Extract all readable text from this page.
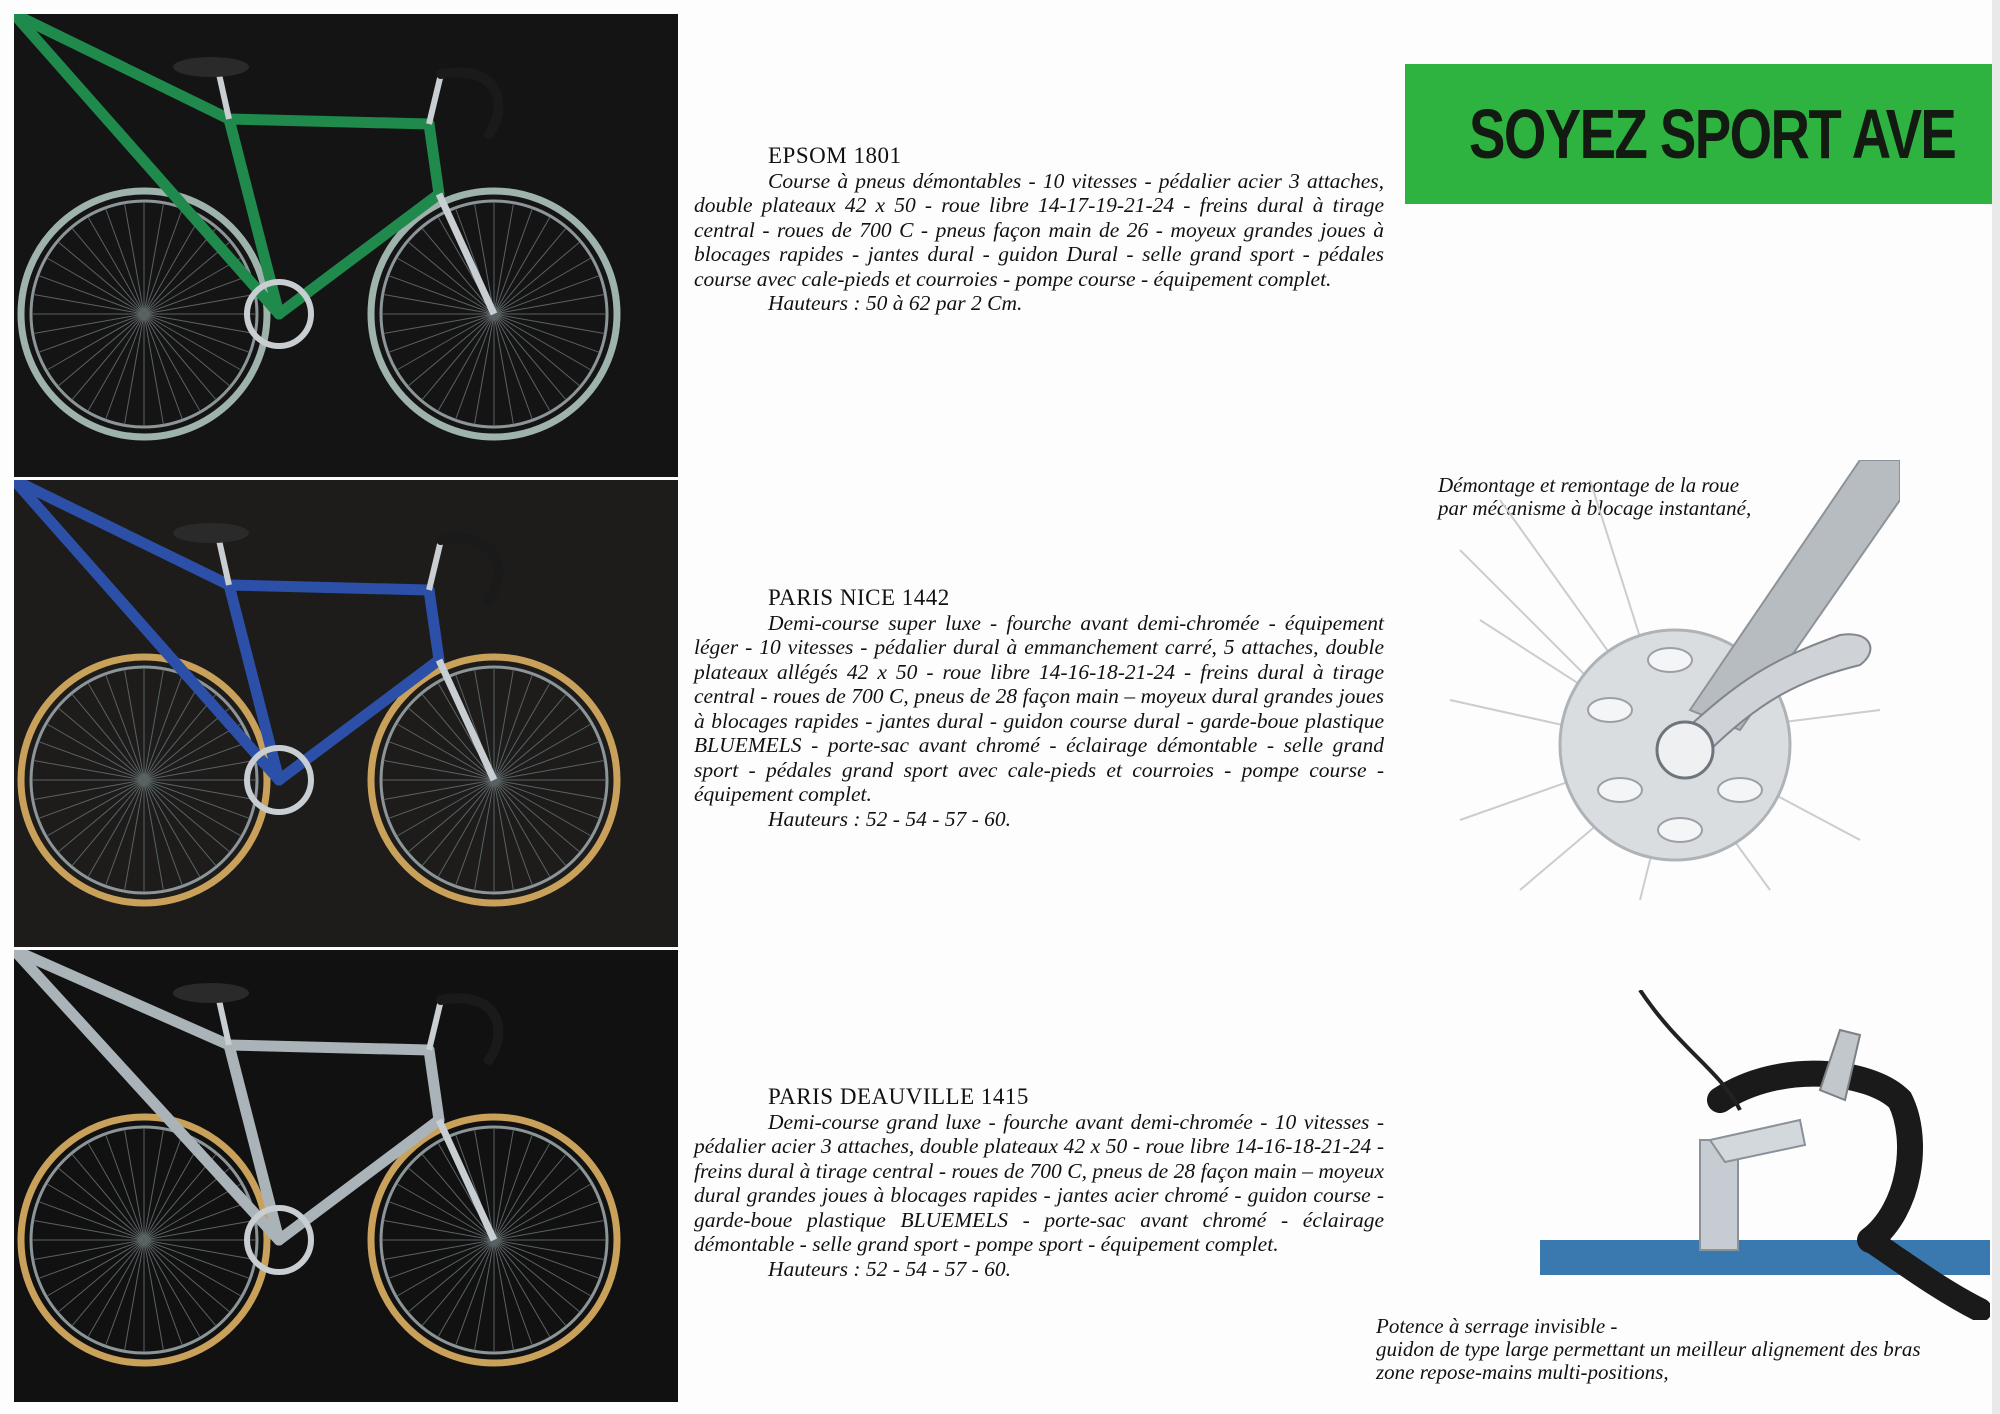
EPSOM 1801

Course à pneus démontables - 10 vitesses - pédalier acier 3 attaches, double plateaux 42 x 50 - roue libre 14-17-19-21-24 - freins dural à tirage central - roues de 700 C - pneus façon main de 26 - moyeux grandes joues à blocages rapides - jantes dural - guidon Dural - selle grand sport - pédales course avec cale-pieds et courroies - pompe course - équipement complet.

Hauteurs : 50 à 62 par 2 Cm.
PARIS NICE 1442

Demi-course super luxe - fourche avant demi-chromée - équipement léger - 10 vitesses - pédalier dural à emmanchement carré, 5 attaches, double plateaux allégés 42 x 50 - roue libre 14-16-18-21-24 - freins dural à tirage central - roues de 700 C, pneus de 28 façon main – moyeux dural grandes joues à blocages rapides - jantes dural - guidon course dural - garde-boue plastique BLUEMELS - porte-sac avant chromé - éclairage démontable - selle grand sport - pédales grand sport avec cale-pieds et courroies - pompe course - équipement complet.

Hauteurs : 52 - 54 - 57 - 60.
PARIS DEAUVILLE 1415

Demi-course grand luxe - fourche avant demi-chromée - 10 vitesses - pédalier acier 3 attaches, double plateaux 42 x 50 - roue libre 14-16-18-21-24 - freins dural à tirage central - roues de 700 C, pneus de 28 façon main – moyeux dural grandes joues à blocages rapides - jantes acier chromé - guidon course - garde-boue plastique BLUEMELS - porte-sac avant chromé - éclairage démontable - selle grand sport - pompe sport - équipement complet.

Hauteurs : 52 - 54 - 57 - 60.
SOYEZ SPORT AVE
Démontage et remontage de la roue
par mécanisme à blocage instantané,
Potence à serrage invisible -
guidon de type large permettant un meilleur alignement des bras
zone repose-mains multi-positions,
